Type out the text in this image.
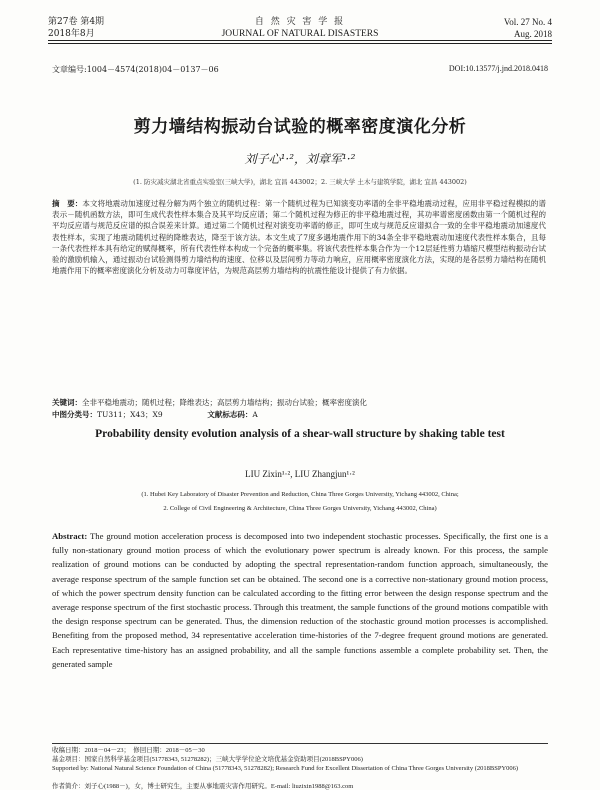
第27卷 第4期
2018年8月
自 然 灾 害 学 报
JOURNAL OF NATURAL DISASTERS
Vol. 27 No. 4
Aug. 2018
文章编号:1004－4574(2018)04－0137－06	DOI:10.13577/j.jnd.2018.0418
剪力墙结构振动台试验的概率密度演化分析
刘子心¹·²，刘章军¹·²
(1. 防灾减灾湖北省重点实验室(三峡大学)，湖北 宜昌 443002；2. 三峡大学 土木与建筑学院，湖北 宜昌 443002)
摘　要：本文将地震动加速度过程分解为两个独立的随机过程：第一个随机过程为已知演变功率谱的全非平稳地震动过程，应用非平稳过程模拟的谱表示－随机函数方法，即可生成代表性样本集合及其平均反应谱；第二个随机过程为修正的非平稳地震过程，其功率谱密度函数由第一个随机过程的平均反应谱与规范反应谱的拟合误差来计算。通过第二个随机过程对演变功率谱的修正，即可生成与规范反应谱拟合一致的全非平稳地震动加速度代表性样本，实现了地震动随机过程的降维表达，降至于该方法。本文生成了7度多遇地震作用下的34条全非平稳地震动加速度代表性样本集合，且每一条代表性样本具有给定的赋得概率，所有代表性样本构成一个完备的概率集。将该代表性样本集合作为一个12层延性剪力墙缩尺模型结构振动台试验的激励机输入，通过振动台试验测得剪力墙结构的速度、位移以及层间剪力等动力响应，应用概率密度演化方法，实现的是各层剪力墙结构在随机地震作用下的概率密度演化分析及动力可靠度评估，为规范高层剪力墙结构的抗震性能设计提供了有力依据。
关键词：全非平稳地震动；随机过程；降维表达；高层剪力墙结构；振动台试验；概率密度演化
中图分类号：TU311；X43；X9	文献标志码：A
Probability density evolution analysis of a shear-wall structure by shaking table test
LIU Zixin¹·², LIU Zhangjun¹·²
(1. Hubei Key Laboratory of Disaster Prevention and Reduction, China Three Gorges University, Yichang 443002, China;
2. College of Civil Engineering & Architecture, China Three Gorges University, Yichang 443002, China)
Abstract: The ground motion acceleration process is decomposed into two independent stochastic processes. Specifically, the first one is a fully non-stationary ground motion process of which the evolutionary power spectrum is already known. For this process, the sample realization of ground motions can be conducted by adopting the spectral representation-random function approach, simultaneously, the average response spectrum of the sample function set can be obtained. The second one is a corrective non-stationary ground motion process, of which the power spectrum density function can be calculated according to the fitting error between the design response spectrum and the average response spectrum of the first stochastic process. Through this treatment, the sample functions of the ground motions compatible with the design response spectrum can be generated. Thus, the dimension reduction of the stochastic ground motion processes is accomplished. Benefiting from the proposed method, 34 representative acceleration time-histories of the 7-degree frequent ground motions are generated. Each representative time-history has an assigned probability, and all the sample functions assemble a complete probability set. Then, the generated sample
收稿日期：2018－04－23；　修回日期：2018－05－30
基金项目：国家自然科学基金项目(51778343, 51278282)；三峡大学学位论文培优基金资助项目(2018BSPY006)
Supported by: National Natural Science Foundation of China (51778343, 51278282); Research Fund for Excellent Dissertation of China Three Gorges University (2018BSPY006)
作者简介：刘子心(1988－)，女，博士研究生，主要从事地震灾害作用研究。E-mail: liuzixin1988@163.com
